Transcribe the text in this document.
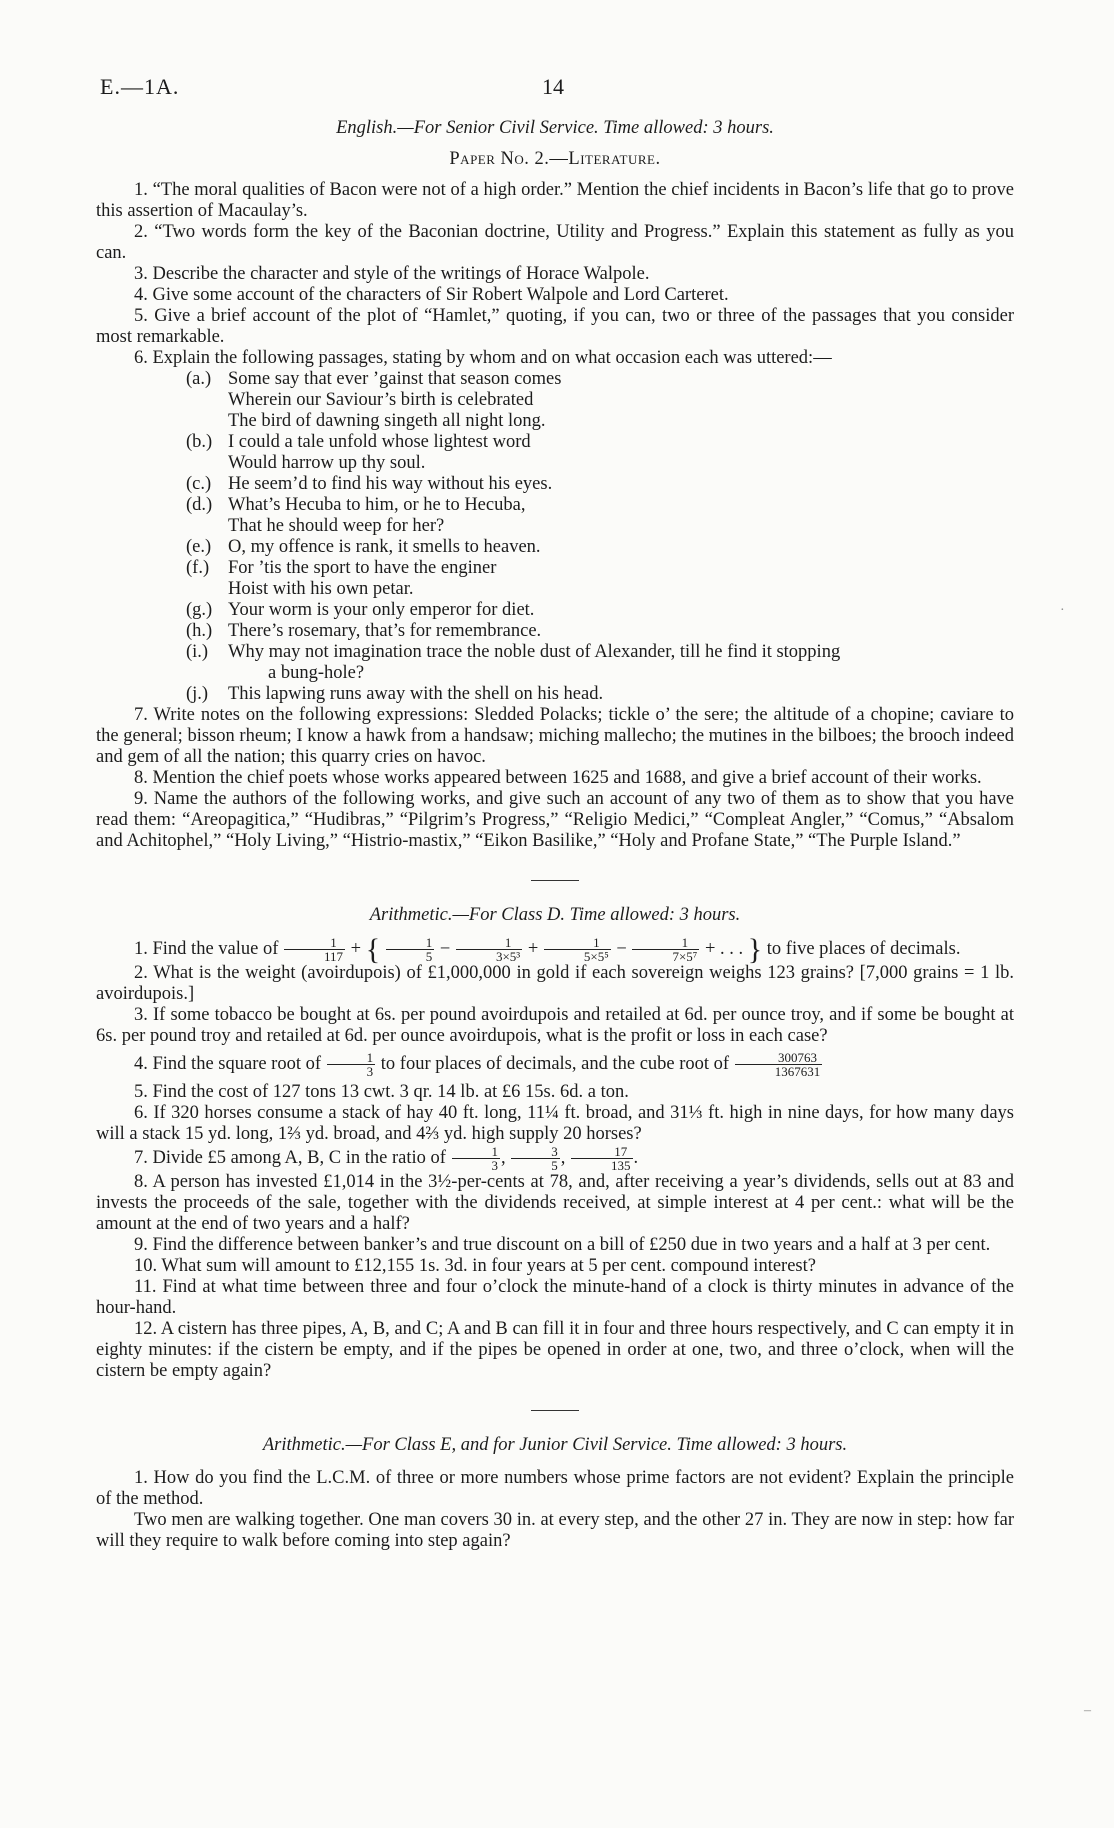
E.—1A.	14
English.—For Senior Civil Service. Time allowed: 3 hours.
Paper No. 2.—Literature.

1. “The moral qualities of Bacon were not of a high order.” Mention the chief incidents in Bacon’s life that go to prove this assertion of Macaulay’s.

2. “Two words form the key of the Baconian doctrine, Utility and Progress.” Explain this statement as fully as you can.

3. Describe the character and style of the writings of Horace Walpole.

4. Give some account of the characters of Sir Robert Walpole and Lord Carteret.

5. Give a brief account of the plot of “Hamlet,” quoting, if you can, two or three of the passages that you consider most remarkable.

6. Explain the following passages, stating by whom and on what occasion each was uttered:—

(a.) Some say that ever ’gainst that season comes
Wherein our Saviour’s birth is celebrated
The bird of dawning singeth all night long.
(b.) I could a tale unfold whose lightest word
Would harrow up thy soul.
(c.) He seem’d to find his way without his eyes.
(d.) What’s Hecuba to him, or he to Hecuba,
That he should weep for her?
(e.) O, my offence is rank, it smells to heaven.
(f.)	For ’tis the sport to have the enginer
Hoist with his own petar.
(g.) Your worm is your only emperor for diet.
(h.) There’s rosemary, that’s for remembrance.
(i.)	Why may not imagination trace the noble dust of Alexander, till he find it stopping
a bung-hole?
(j.)	This lapwing runs away with the shell on his head.

7. Write notes on the following expressions: Sledded Polacks; tickle o’ the sere; the altitude of a chopine; caviare to the general; bisson rheum; I know a hawk from a handsaw; miching mallecho; the mutines in the bilboes; the brooch indeed and gem of all the nation; this quarry cries on havoc.

8. Mention the chief poets whose works appeared between 1625 and 1688, and give a brief account of their works.

9. Name the authors of the following works, and give such an account of any two of them as to show that you have read them: “Areopagitica,” “Hudibras,” “Pilgrim’s Progress,” “Religio Medici,” “Compleat Angler,” “Comus,” “Absalom and Achitophel,” “Holy Living,” “Histrio-mastix,” “Eikon Basilike,” “Holy and Profane State,” “The Purple Island.”

Arithmetic.—For Class D. Time allowed: 3 hours.

1. Find the value of $\frac{1}{117}$ + { $\frac{1}{5} - \frac{1}{\text{3×5³}} + \frac{1}{\text{5×5⁵}} - \frac{1}{\text{7×5⁷}}$ + . . . } to five places of decimals.

2. What is the weight (avoirdupois) of £1,000,000 in gold if each sovereign weighs 123 grains? [7,000 grains = 1 lb. avoirdupois.]

3. If some tobacco be bought at 6s. per pound avoirdupois and retailed at 6d. per ounce troy, and if some be bought at 6s. per pound troy and retailed at 6d. per ounce avoirdupois, what is the profit or loss in each case?

4. Find the square root of $\frac{1}{3}$ to four places of decimals, and the cube root of $\frac{300763}{1367631}$

5. Find the cost of 127 tons 13 cwt. 3 qr. 14 lb. at £6 15s. 6d. a ton.

6. If 320 horses consume a stack of hay 40 ft. long, 11¼ ft. broad, and 31⅓ ft. high in nine days, for how many days will a stack 15 yd. long, 1⅔ yd. broad, and 4⅔ yd. high supply 20 horses?

7. Divide £5 among A, B, C in the ratio of $\frac{1}{3}$ , $\frac{3}{5}$ , $\frac{17}{135}$ .

8. A person has invested £1,014 in the 3½-per-cents at 78, and, after receiving a year’s dividends, sells out at 83 and invests the proceeds of the sale, together with the dividends received, at simple interest at 4 per cent.: what will be the amount at the end of two years and a half?

9. Find the difference between banker’s and true discount on a bill of £250 due in two years and a half at 3 per cent.

10. What sum will amount to £12,155 1s. 3d. in four years at 5 per cent. compound interest?

11. Find at what time between three and four o’clock the minute-hand of a clock is thirty minutes in advance of the hour-hand.

12. A cistern has three pipes, A, B, and C; A and B can fill it in four and three hours respectively, and C can empty it in eighty minutes: if the cistern be empty, and if the pipes be opened in order at one, two, and three o’clock, when will the cistern be empty again?

Arithmetic.—For Class E, and for Junior Civil Service. Time allowed: 3 hours.

1. How do you find the L.C.M. of three or more numbers whose prime factors are not evident? Explain the principle of the method.

Two men are walking together. One man covers 30 in. at every step, and the other 27 in. They are now in step: how far will they require to walk before coming into step again?

·
–
